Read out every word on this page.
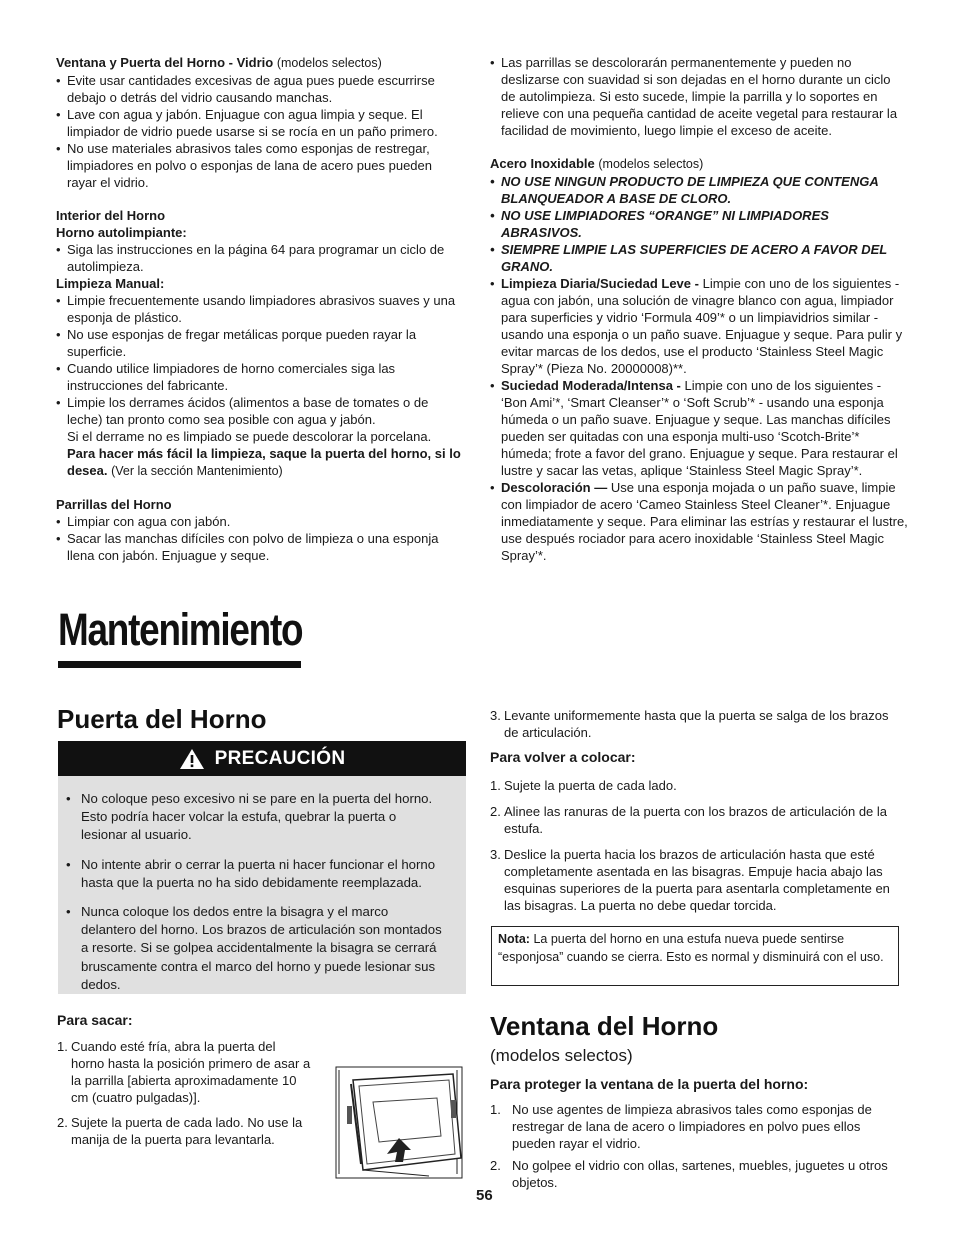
Ventana y Puerta del Horno - Vidrio (modelos selectos)
• Evite usar cantidades excesivas de agua pues puede escurrirse debajo o detrás del vidrio causando manchas.
• Lave con agua y jabón. Enjuague con agua limpia y seque. El limpiador de vidrio puede usarse si se rocía en un paño primero.
• No use materiales abrasivos tales como esponjas de restregar, limpiadores en polvo o esponjas de lana de acero pues pueden rayar el vidrio.
Interior del Horno
Horno autolimpiante:
• Siga las instrucciones en la página 64 para programar un ciclo de autolimpieza.
Limpieza Manual:
• Limpie frecuentemente usando limpiadores abrasivos suaves y una esponja de plástico.
• No use esponjas de fregar metálicas porque pueden rayar la superficie.
• Cuando utilice limpiadores de horno comerciales siga las instrucciones del fabricante.
• Limpie los derrames ácidos (alimentos a base de tomates o de leche) tan pronto como sea posible con agua y jabón.
Si el derrame no es limpiado se puede descolorar la porcelana.
Para hacer más fácil la limpieza, saque la puerta del horno, si lo desea. (Ver la sección Mantenimiento)
Parrillas del Horno
• Limpiar con agua con jabón.
• Sacar las manchas difíciles con polvo de limpieza o una esponja llena con jabón. Enjuague y seque.
• Las parrillas se descolorarán permanentemente y pueden no deslizarse con suavidad si son dejadas en el horno durante un ciclo de autolimpieza. Si esto sucede, limpie la parrilla y lo soportes en relieve con una pequeña cantidad de aceite vegetal para restaurar la facilidad de movimiento, luego limpie el exceso de aceite.
Acero Inoxidable (modelos selectos)
• NO USE NINGUN PRODUCTO DE LIMPIEZA QUE CONTENGA BLANQUEADOR A BASE DE CLORO.
• NO USE LIMPIADORES “ORANGE” NI LIMPIADORES ABRASIVOS.
• SIEMPRE LIMPIE LAS SUPERFICIES DE ACERO A FAVOR DEL GRANO.
• Limpieza Diaria/Suciedad Leve - Limpie con uno de los siguientes - agua con jabón, una solución de vinagre blanco con agua, limpiador para superficies y vidrio ‘Formula 409’* o un limpiavidrios similar - usando una esponja o un paño suave. Enjuague y seque. Para pulir y evitar marcas de los dedos, use el producto ‘Stainless Steel Magic Spray’* (Pieza No. 20000008)**.
• Suciedad Moderada/Intensa - Limpie con uno de los siguientes - ‘Bon Ami’*, ‘Smart Cleanser’* o ‘Soft Scrub’* - usando una esponja húmeda o un paño suave. Enjuague y seque. Las manchas difíciles pueden ser quitadas con una esponja multi-uso ‘Scotch-Brite’* húmeda; frote a favor del grano. Enjuague y seque. Para restaurar el lustre y sacar las vetas, aplique ‘Stainless Steel Magic Spray’*.
• Descoloración — Use una esponja mojada o un paño suave, limpie con limpiador de acero ‘Cameo Stainless Steel Cleaner’*. Enjuague inmediatamente y seque. Para eliminar las estrías y restaurar el lustre, use después rociador para acero inoxidable ‘Stainless Steel Magic Spray’*.
Mantenimiento
Puerta del Horno
PRECAUCIÓN
• No coloque peso excesivo ni se pare en la puerta del horno. Esto podría hacer volcar la estufa, quebrar la puerta o lesionar al usuario.
• No intente abrir o cerrar la puerta ni hacer funcionar el horno hasta que la puerta no ha sido debidamente reemplazada.
• Nunca coloque los dedos entre la bisagra y el marco delantero del horno. Los brazos de articulación son montados a resorte. Si se golpea accidentalmente la bisagra se cerrará bruscamente contra el marco del horno y puede lesionar sus dedos.
Para sacar:
1. Cuando esté fría, abra la puerta del horno hasta la posición primero de asar a la parrilla [abierta aproximadamente 10 cm (cuatro pulgadas)].
2. Sujete la puerta de cada lado. No use la manija de la puerta para levantarla.
3. Levante uniformemente hasta que la puerta se salga de los brazos de articulación.
Para volver a colocar:
1. Sujete la puerta de cada lado.
2. Alinee las ranuras de la puerta con los brazos de articulación de la estufa.
3. Deslice la puerta hacia los brazos de articulación hasta que esté completamente asentada en las bisagras. Empuje hacia abajo las esquinas superiores de la puerta para asentarla completamente en las bisagras. La puerta no debe quedar torcida.
Nota: La puerta del horno en una estufa nueva puede sentirse “esponjosa” cuando se cierra. Esto es normal y disminuirá con el uso.
Ventana del Horno
(modelos selectos)
Para proteger la ventana de la puerta del horno:
1. No use agentes de limpieza abrasivos tales como esponjas de restregar de lana de acero o limpiadores en polvo pues ellos pueden rayar el vidrio.
2. No golpee el vidrio con ollas, sartenes, muebles, juguetes u otros objetos.
56
